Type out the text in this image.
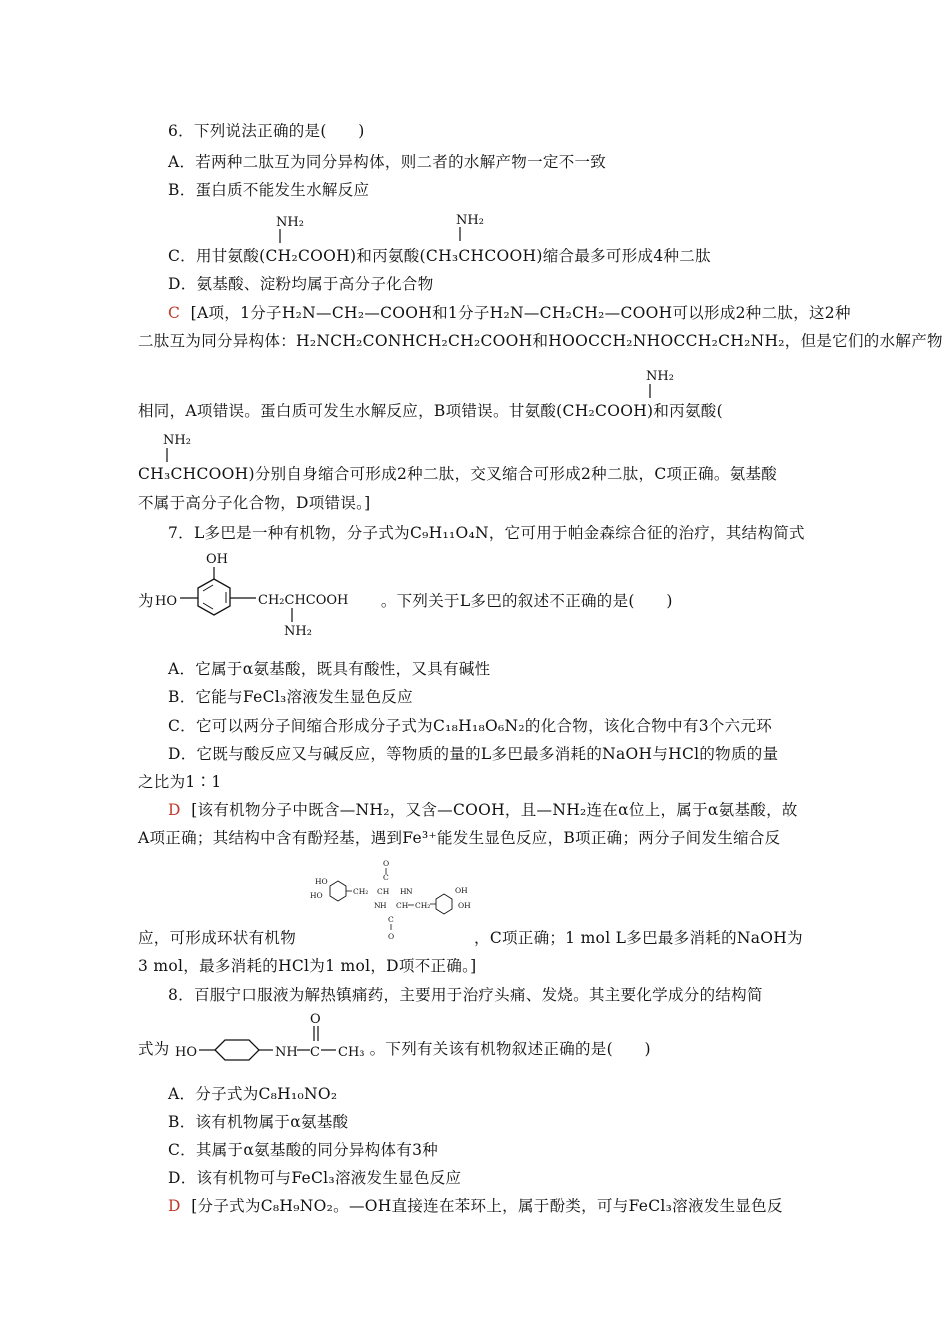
6．下列说法正确的是(　　)
A．若两种二肽互为同分异构体，则二者的水解产物一定不一致
B．蛋白质不能发生水解反应
NH₂	NH₂
C．用甘氨酸(CH₂COOH)和丙氨酸(CH₃CHCOOH)缩合最多可形成4种二肽
D．氨基酸、淀粉均属于高分子化合物
C [A项，1分子H₂N—CH₂—COOH和1分子H₂N—CH₂CH₂—COOH可以形成2种二肽，这2种
二肽互为同分异构体：H₂NCH₂CONHCH₂CH₂COOH和HOOCCH₂NHOCCH₂CH₂NH₂，但是它们的水解产物
NH₂
NH₂
相同，A项错误。蛋白质可发生水解反应，B项错误。甘氨酸(CH₂COOH)和丙氨酸(
CH₃CHCOOH)分别自身缩合可形成2种二肽，交叉缩合可形成2种二肽，C项正确。氨基酸
不属于高分子化合物，D项错误。]
7．L多巴是一种有机物，分子式为C₉H₁₁O₄N，它可用于帕金森综合征的治疗，其结构简式
OH
HO	CH₂CHCOOH
NH₂
为	。下列关于L多巴的叙述不正确的是(　　)
A．它属于α氨基酸，既具有酸性，又具有碱性
B．它能与FeCl₃溶液发生显色反应
C．它可以两分子间缩合形成分子式为C₁₈H₁₈O₆N₂的化合物，该化合物中有3个六元环
D．它既与酸反应又与碱反应，等物质的量的L多巴最多消耗的NaOH与HCl的物质的量
之比为1∶1
D [该有机物分子中既含—NH₂，又含—COOH，且—NH₂连在α位上，属于α氨基酸，故
A项正确；其结构中含有酚羟基，遇到Fe³⁺能发生显色反应，B项正确；两分子间发生缩合反
HO
HO	CH₂ CH
O
C
H N
N H CH CH₂
C
O
OH
OH
应，可形成环状有机物	，C项正确；1 mol L多巴最多消耗的NaOH为
3 mol，最多消耗的HCl为1 mol，D项不正确。]
8．百服宁口服液为解热镇痛药，主要用于治疗头痛、发烧。其主要化学成分的结构简
HO	NH C
O
CH₃
式为	。下列有关该有机物叙述正确的是(　　)
A．分子式为C₈H₁₀NO₂
B．该有机物属于α氨基酸
C．其属于α氨基酸的同分异构体有3种
D．该有机物可与FeCl₃溶液发生显色反应
D [分子式为C₈H₉NO₂。—OH直接连在苯环上，属于酚类，可与FeCl₃溶液发生显色反
